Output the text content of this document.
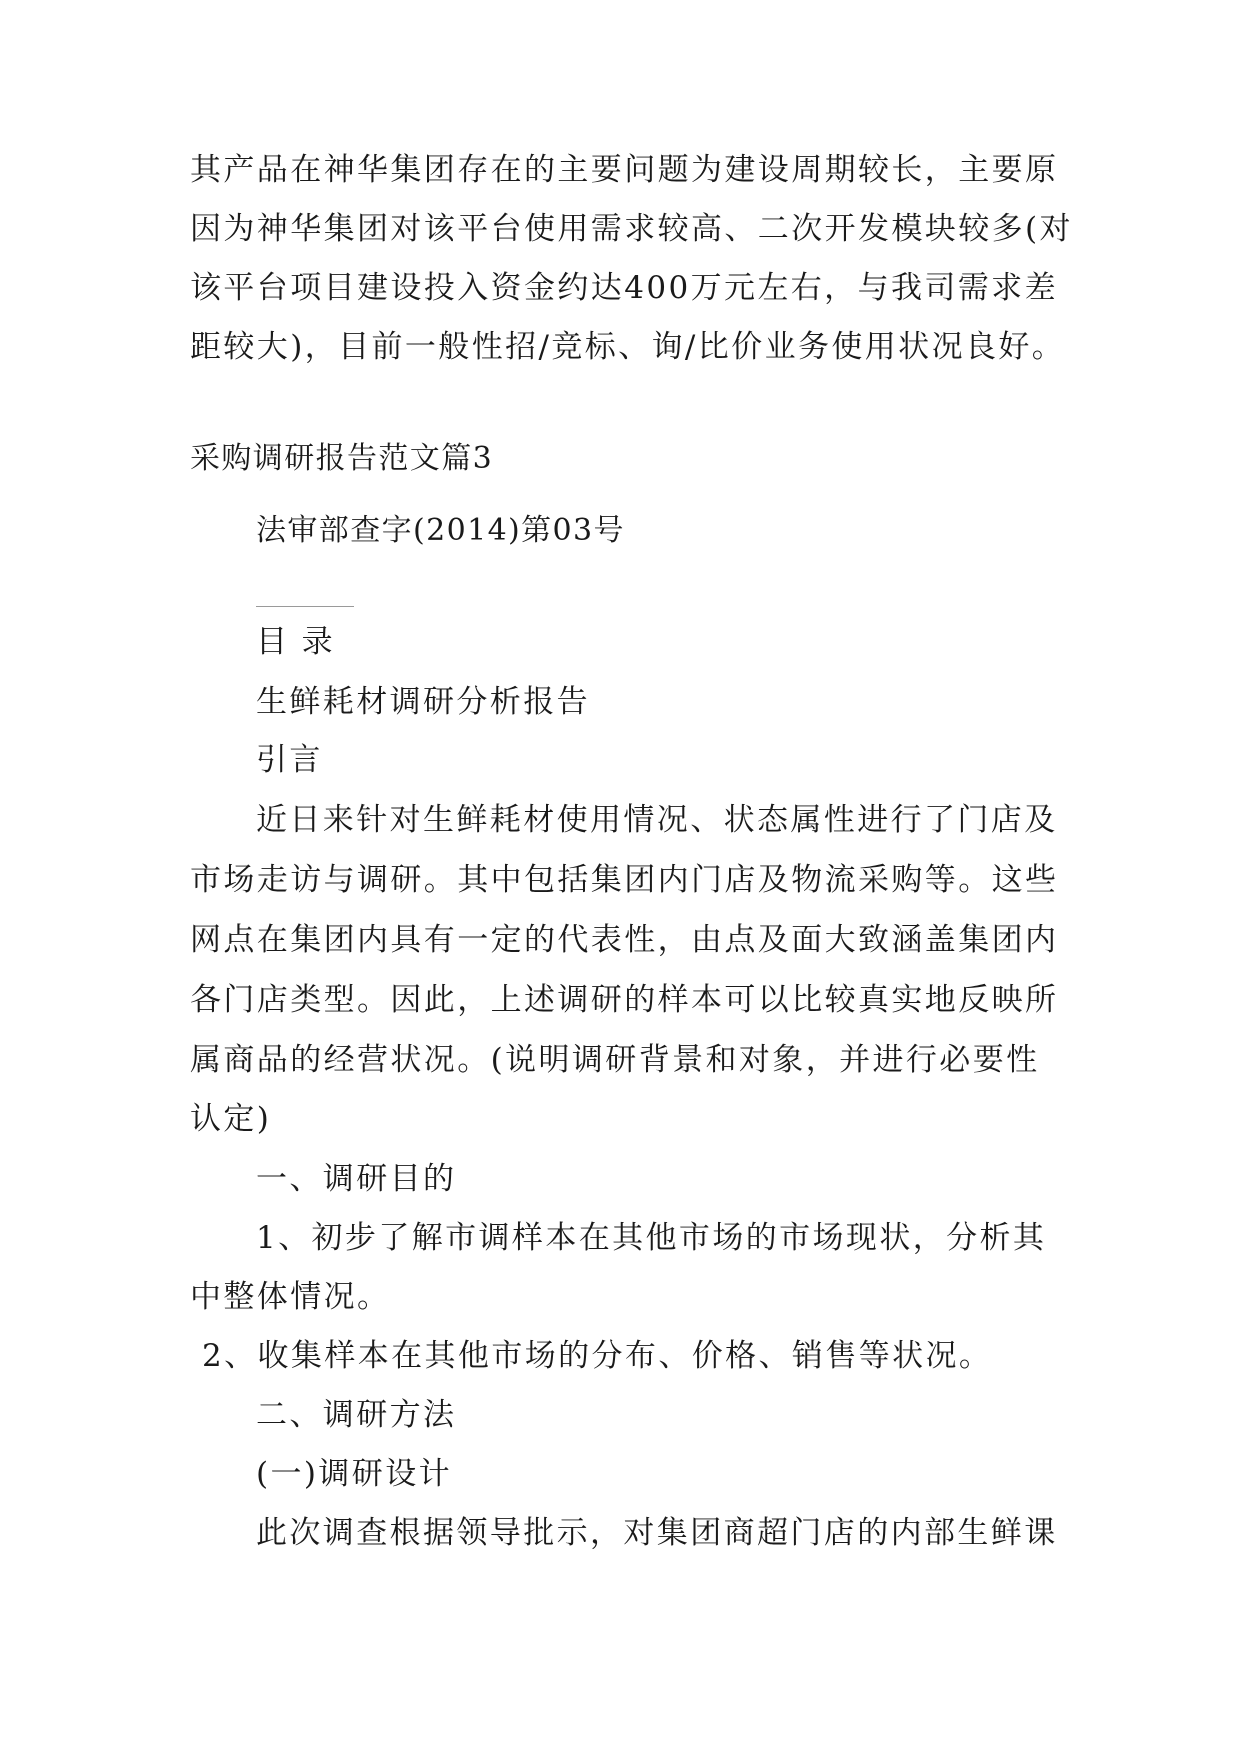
其产品在神华集团存在的主要问题为建设周期较长，主要原
因为神华集团对该平台使用需求较高、二次开发模块较多(对
该平台项目建设投入资金约达400万元左右，与我司需求差
距较大)，目前一般性招/竞标、询/比价业务使用状况良好。
采购调研报告范文篇3
法审部查字(2014)第03号
目 录
生鲜耗材调研分析报告
引言
近日来针对生鲜耗材使用情况、状态属性进行了门店及
市场走访与调研。其中包括集团内门店及物流采购等。这些
网点在集团内具有一定的代表性，由点及面大致涵盖集团内
各门店类型。因此，上述调研的样本可以比较真实地反映所
属商品的经营状况。(说明调研背景和对象，并进行必要性
认定)
一、调研目的
1、初步了解市调样本在其他市场的市场现状，分析其
中整体情况。
2、收集样本在其他市场的分布、价格、销售等状况。
二、调研方法
(一)调研设计
此次调查根据领导批示，对集团商超门店的内部生鲜课
